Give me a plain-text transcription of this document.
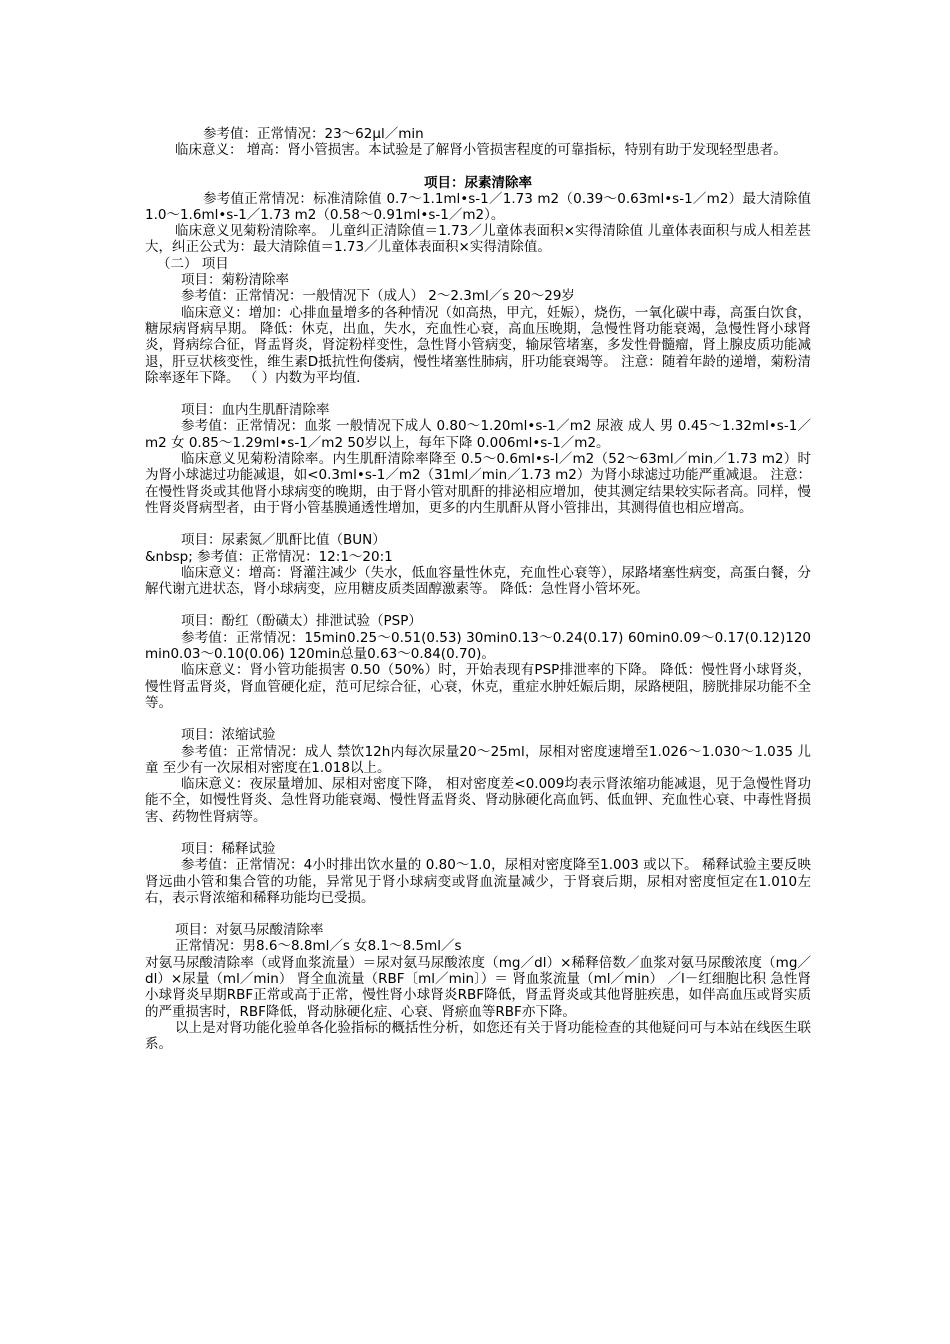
参考值：正常情况：23～62μl／min

临床意义： 增高：肾小管损害。本试验是了解肾小管损害程度的可靠指标，特别有助于发现轻型患者。

项目：尿素清除率

参考值正常情况：标准清除值 0.7～1.1ml•s-1／1.73 m2（0.39～0.63ml•s-1／m2）最大清除值 1.0～1.6ml•s-1／1.73 m2（0.58～0.91ml•s-1／m2）。

临床意义见菊粉清除率。 儿童纠正清除值＝1.73／儿童体表面积×实得清除值 儿童体表面积与成人相差甚大，纠正公式为：最大清除值＝1.73／儿童体表面积×实得清除值。

（二） 项目

项目：菊粉清除率

参考值：正常情况：一般情况下（成人） 2～2.3ml／s 20～29岁

临床意义：增加：心排血量增多的各种情况（如高热，甲亢，妊娠），烧伤，一氧化碳中毒，高蛋白饮食，糖尿病肾病早期。 降低：休克，出血，失水，充血性心衰，高血压晚期，急慢性肾功能衰竭，急慢性肾小球肾炎，肾病综合征，肾盂肾炎，肾淀粉样变性，急性肾小管病变，输尿管堵塞，多发性骨髓瘤，肾上腺皮质功能减退，肝豆状核变性，维生素D抵抗性佝偻病，慢性堵塞性肺病，肝功能衰竭等。 注意：随着年龄的递增，菊粉清除率逐年下降。 （ ）内数为平均值.

项目：血内生肌酐清除率

参考值：正常情况：血浆 一般情况下成人 0.80～1.20ml•s-1／m2 尿液 成人 男 0.45～1.32ml•s-1／m2 女 0.85～1.29ml•s-1／m2 50岁以上，每年下降 0.006ml•s-1／m2。

临床意义见菊粉清除率。内生肌酐清除率降至 0.5～0.6ml•s-l／m2（52～63ml／min／1.73 m2）时为肾小球滤过功能减退，如<0.3ml•s-1／m2（31ml／min／1.73 m2）为肾小球滤过功能严重减退。 注意：在慢性肾炎或其他肾小球病变的晚期，由于肾小管对肌酐的排泌相应增加，使其测定结果较实际者高。同样，慢性肾炎肾病型者，由于肾小管基膜通透性增加，更多的内生肌酐从肾小管排出，其测得值也相应增高。

项目：尿素氮／肌酐比值（BUN）

&nbsp; 参考值：正常情况：12:1～20:1

临床意义：增高：肾灌注减少（失水，低血容量性休克，充血性心衰等），尿路堵塞性病变，高蛋白餐，分解代谢亢进状态，肾小球病变，应用糖皮质类固醇激素等。 降低：急性肾小管坏死。

项目：酚红（酚磺太）排泄试验（PSP）

参考值：正常情况：15min0.25～0.51(0.53) 30min0.13～0.24(0.17) 60min0.09～0.17(0.12)120min0.03～0.10(0.06) 120min总量0.63～0.84(0.70)。

临床意义：肾小管功能损害 0.50（50%）时，开始表现有PSP排泄率的下降。 降低：慢性肾小球肾炎，慢性肾盂肾炎，肾血管硬化症，范可尼综合征，心衰，休克，重症水肿妊娠后期，尿路梗阻，膀胱排尿功能不全等。

项目：浓缩试验

参考值：正常情况：成人 禁饮12h内每次尿量20～25ml，尿相对密度速增至1.026～1.030～1.035 儿童 至少有一次尿相对密度在1.018以上。

临床意义：夜尿量增加、尿相对密度下降， 相对密度差<0.009均表示肾浓缩功能减退，见于急慢性肾功能不全，如慢性肾炎、急性肾功能衰竭、慢性肾盂肾炎、肾动脉硬化高血钙、低血钾、充血性心衰、中毒性肾损害、药物性肾病等。

项目：稀释试验

参考值：正常情况：4小时排出饮水量的 0.80～1.0，尿相对密度降至1.003 或以下。 稀释试验主要反映肾远曲小管和集合管的功能，异常见于肾小球病变或肾血流量减少，于肾衰后期，尿相对密度恒定在1.010左右，表示肾浓缩和稀释功能均已受损。

项目：对氨马尿酸清除率

正常情况：男8.6～8.8ml／s 女8.1～8.5ml／s

对氨马尿酸清除率（或肾血浆流量）＝尿对氨马尿酸浓度（mg／dl）×稀释倍数／血浆对氨马尿酸浓度（mg／dl）×尿量（ml／min） 肾全血流量（RBF〔ml／min〕）＝ 肾血浆流量（ml／min） ／l－红细胞比积 急性肾小球肾炎早期RBF正常或高于正常，慢性肾小球肾炎RBF降低，肾盂肾炎或其他肾脏疾患，如伴高血压或肾实质的严重损害时，RBF降低，肾动脉硬化症、心衰、肾瘀血等RBF亦下降。

以上是对肾功能化验单各化验指标的概括性分析，如您还有关于肾功能检查的其他疑问可与本站在线医生联系。
